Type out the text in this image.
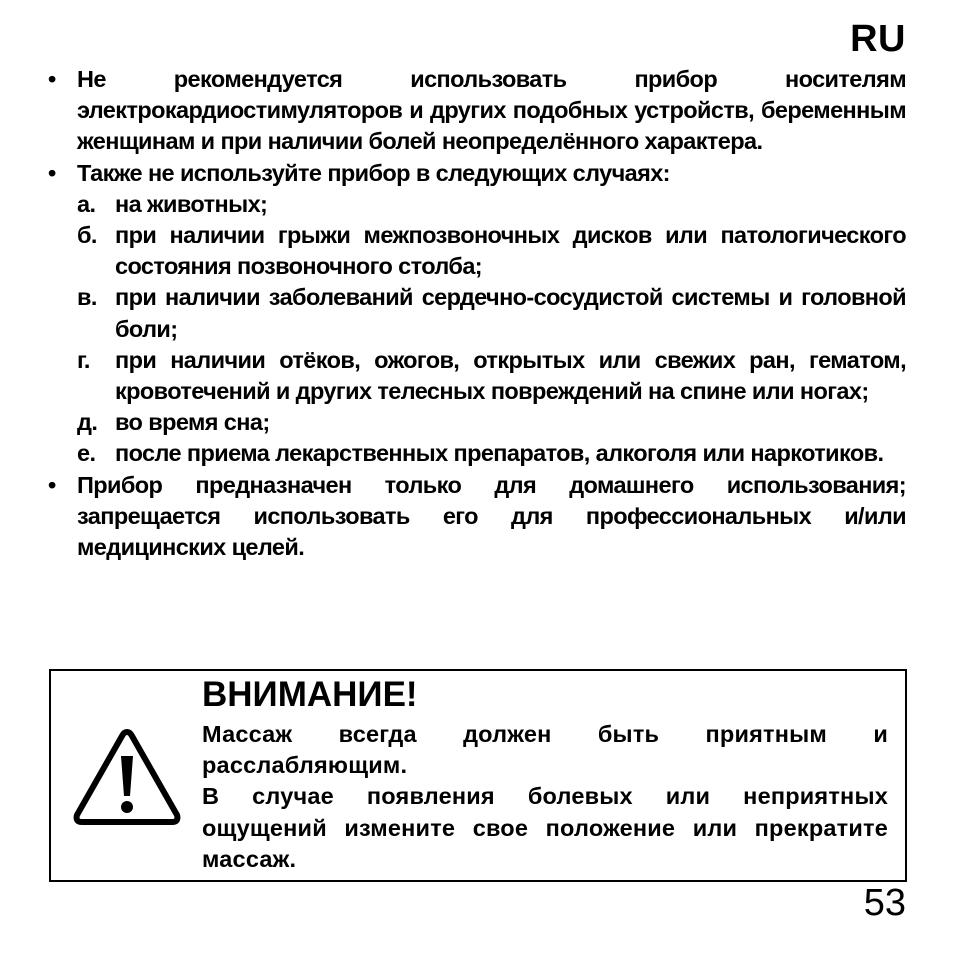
RU
• Не рекомендуется использовать прибор носителям электрокардиостимуляторов и других подобных устройств, беременным женщинам и при наличии болей неопределённого характера.
• Также не используйте прибор в следующих случаях:
а. на животных;
б. при наличии грыжи межпозвоночных дисков или патологического состояния позвоночного столба;
в. при наличии заболеваний сердечно-сосудистой системы и головной боли;
г. при наличии отёков, ожогов, открытых или свежих ран, гематом, кровотечений и других телесных повреждений на спине или ногах;
д. во время сна;
е. после приема лекарственных препаратов, алкоголя или наркотиков.
• Прибор предназначен только для домашнего использования; запрещается использовать его для профессиональных и/или медицинских целей.
ВНИМАНИЕ!

Массаж всегда должен быть приятным и расслабляющим.

В случае появления болевых или неприятных ощущений измените свое положение или прекратите массаж.

53
